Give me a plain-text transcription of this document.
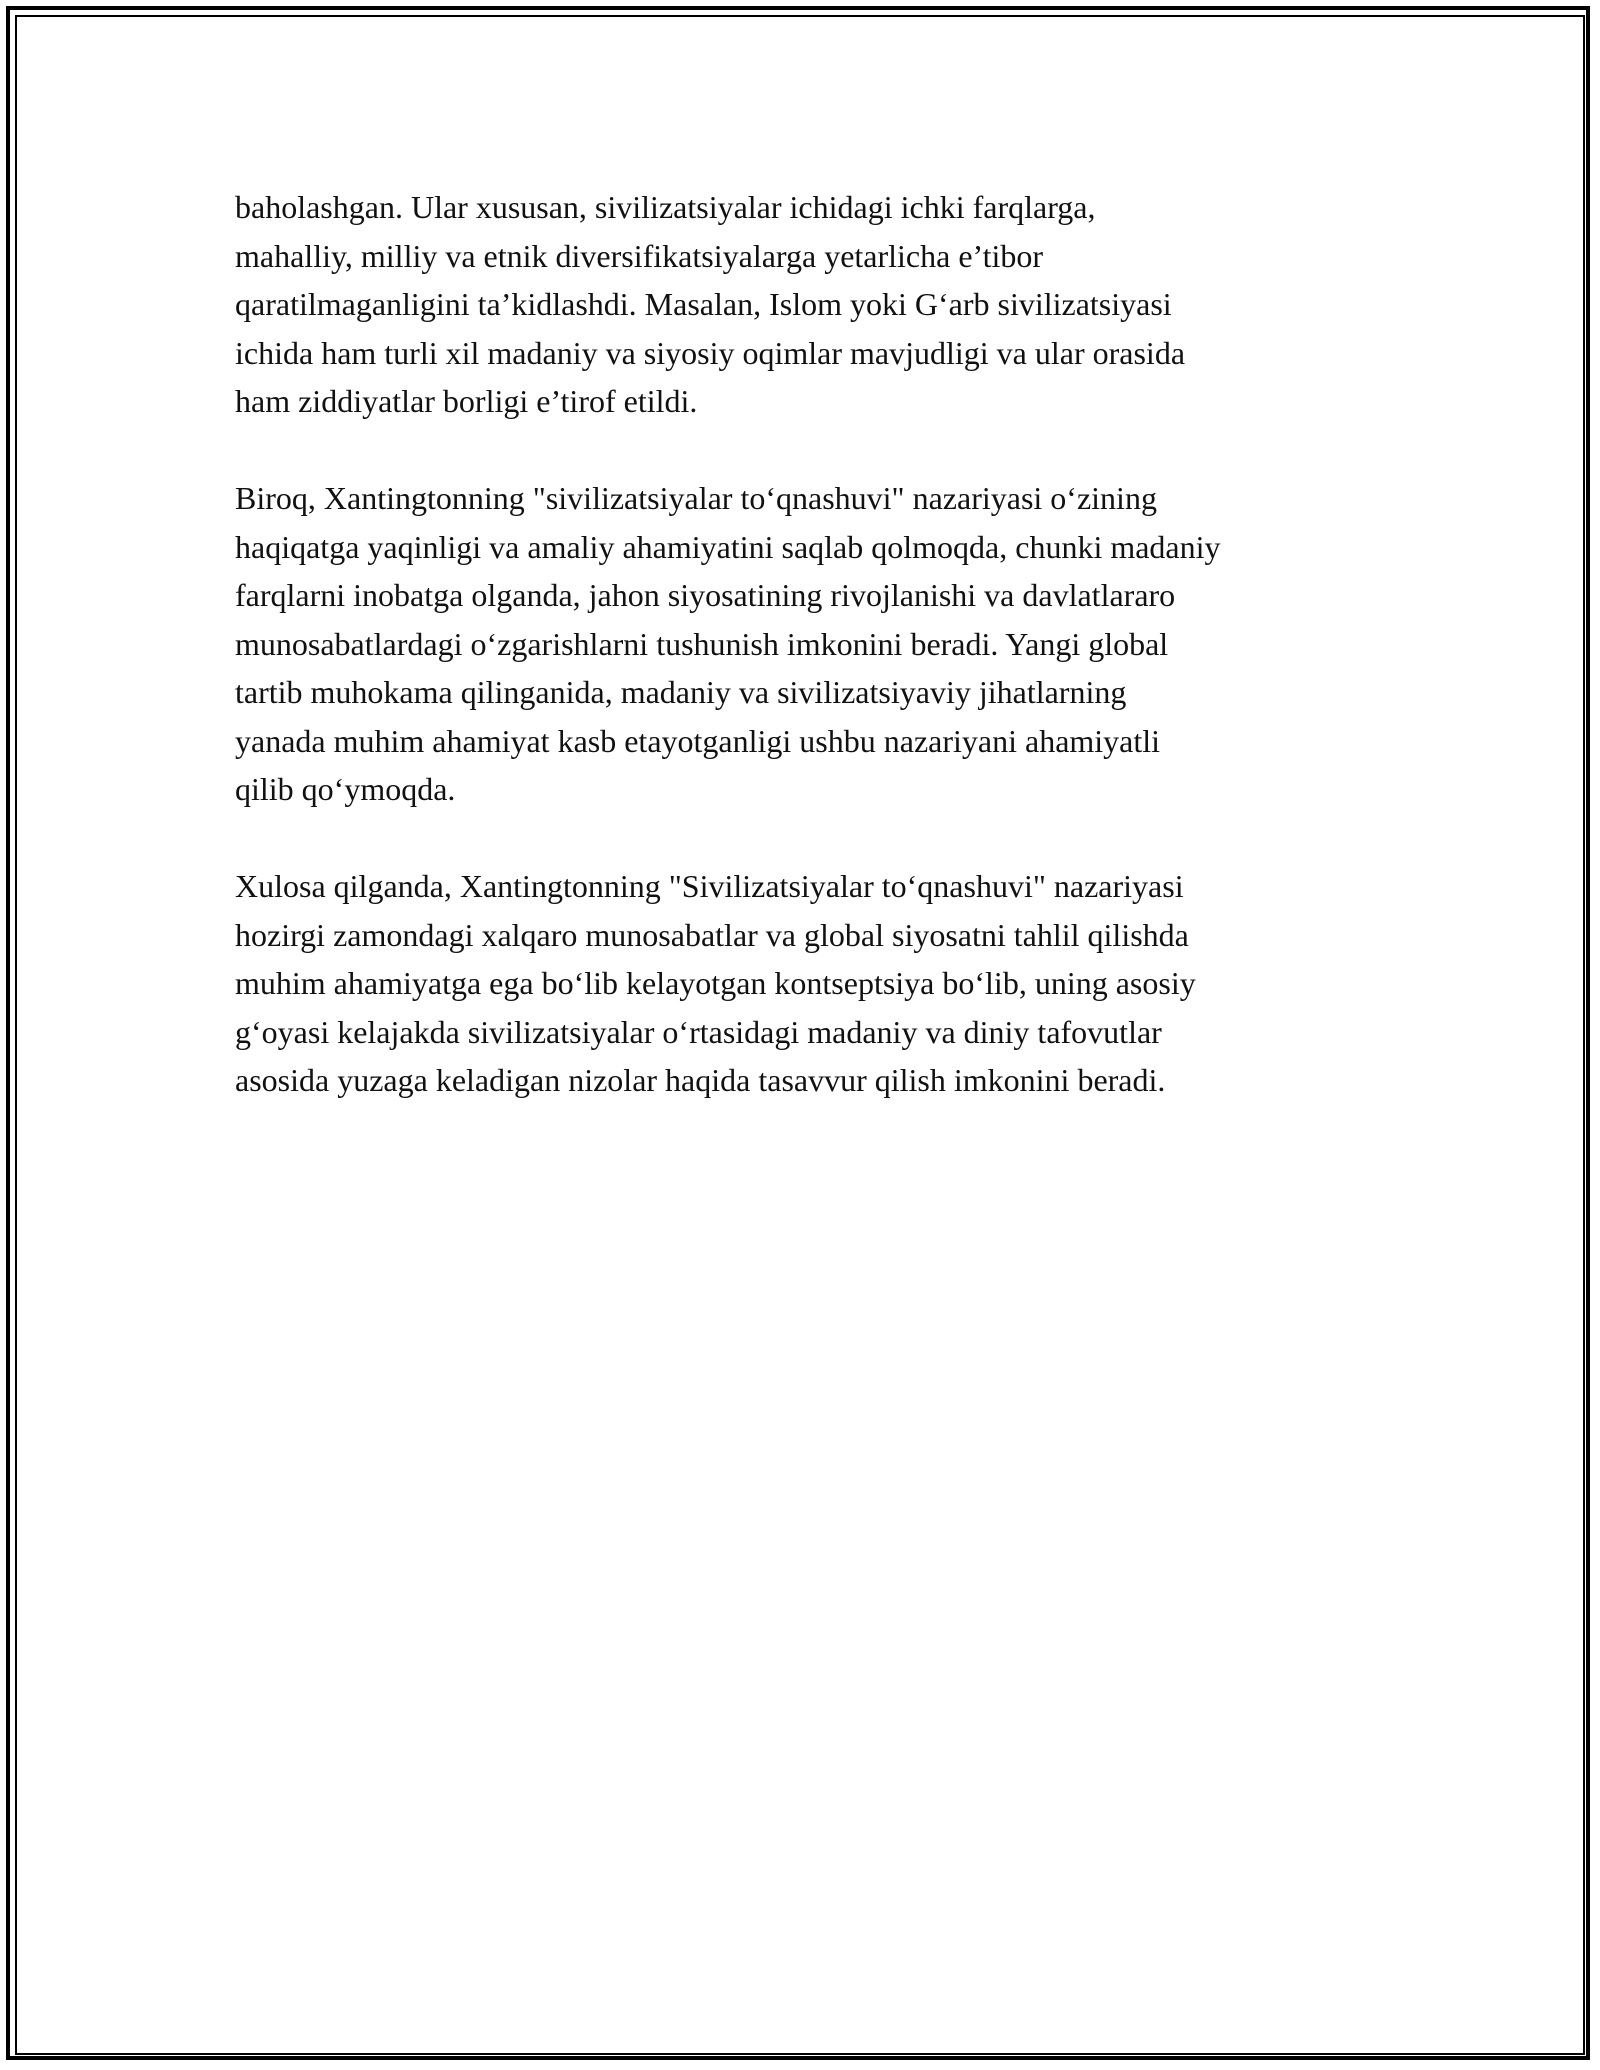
baholashgan. Ular xususan, sivilizatsiyalar ichidagi ichki farqlarga,
mahalliy, milliy va etnik diversifikatsiyalarga yetarlicha e’tibor
qaratilmaganligini ta’kidlashdi. Masalan, Islom yoki G‘arb sivilizatsiyasi
ichida ham turli xil madaniy va siyosiy oqimlar mavjudligi va ular orasida
ham ziddiyatlar borligi e’tirof etildi.

Biroq, Xantingtonning "sivilizatsiyalar to‘qnashuvi" nazariyasi o‘zining
haqiqatga yaqinligi va amaliy ahamiyatini saqlab qolmoqda, chunki madaniy
farqlarni inobatga olganda, jahon siyosatining rivojlanishi va davlatlararo
munosabatlardagi o‘zgarishlarni tushunish imkonini beradi. Yangi global
tartib muhokama qilinganida, madaniy va sivilizatsiyaviy jihatlarning
yanada muhim ahamiyat kasb etayotganligi ushbu nazariyani ahamiyatli
qilib qo‘ymoqda.

Xulosa qilganda, Xantingtonning "Sivilizatsiyalar to‘qnashuvi" nazariyasi
hozirgi zamondagi xalqaro munosabatlar va global siyosatni tahlil qilishda
muhim ahamiyatga ega bo‘lib kelayotgan kontseptsiya bo‘lib, uning asosiy
g‘oyasi kelajakda sivilizatsiyalar o‘rtasidagi madaniy va diniy tafovutlar
asosida yuzaga keladigan nizolar haqida tasavvur qilish imkonini beradi.
